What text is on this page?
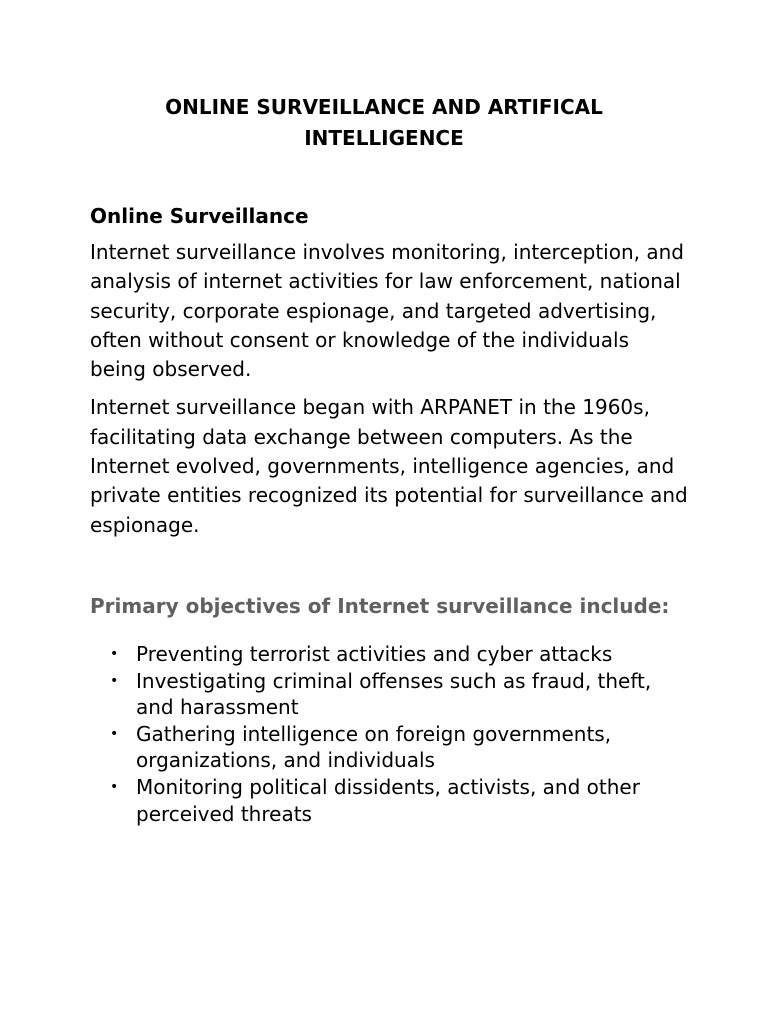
ONLINE SURVEILLANCE AND ARTIFICAL INTELLIGENCE
Online Surveillance

Internet surveillance involves monitoring, interception, and analysis of internet activities for law enforcement, national security, corporate espionage, and targeted advertising, often without consent or knowledge of the individuals being observed.

Internet surveillance began with ARPANET in the 1960s, facilitating data exchange between computers. As the Internet evolved, governments, intelligence agencies, and private entities recognized its potential for surveillance and espionage.

Primary objectives of Internet surveillance include:
• Preventing terrorist activities and cyber attacks
• Investigating criminal offenses such as fraud, theft, and harassment
• Gathering intelligence on foreign governments, organizations, and individuals
• Monitoring political dissidents, activists, and other perceived threats
